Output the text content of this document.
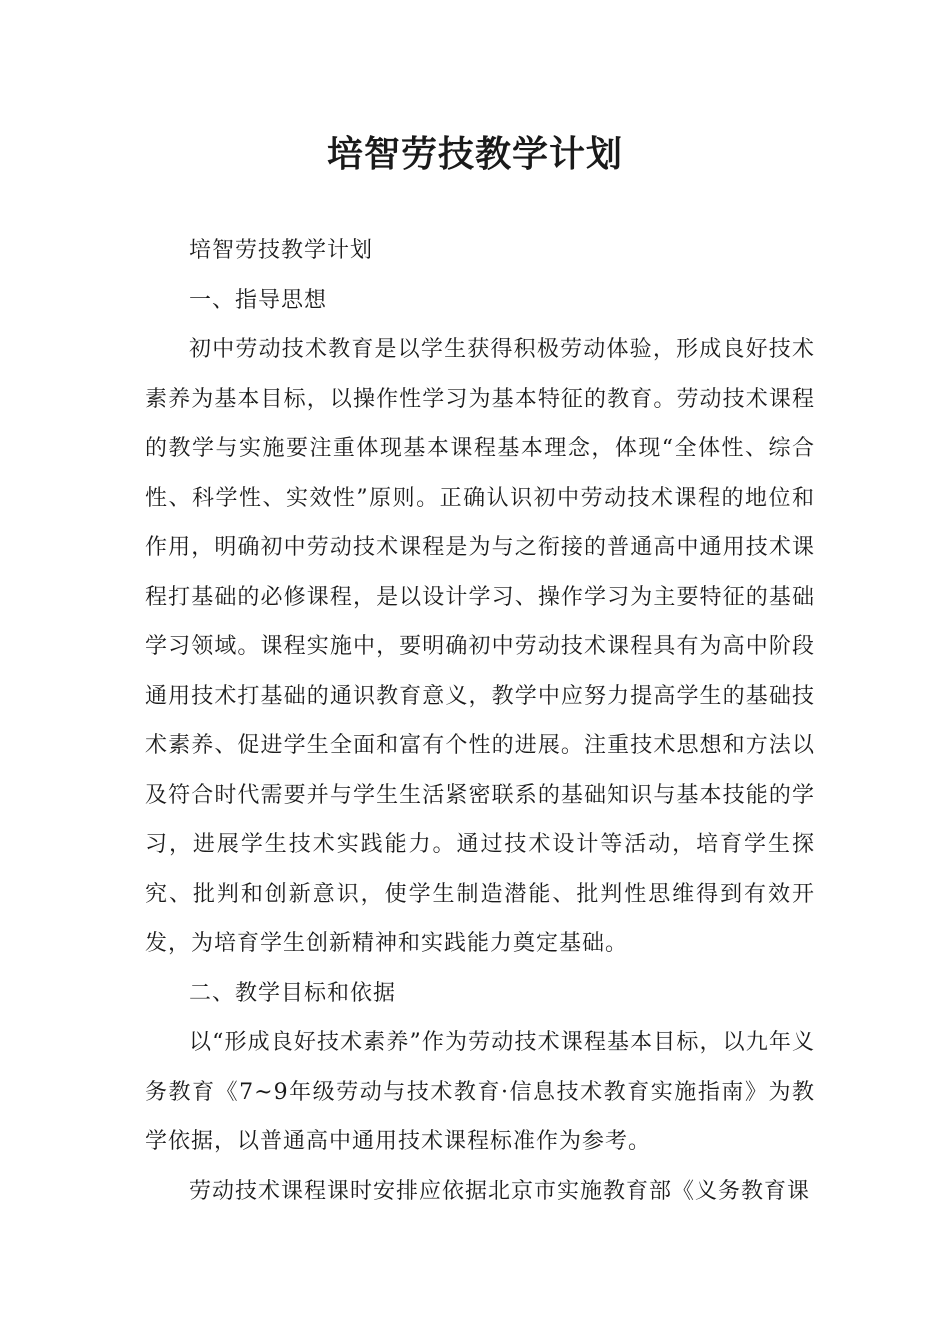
培智劳技教学计划

培智劳技教学计划

一、指导思想

初中劳动技术教育是以学生获得积极劳动体验，形成良好技术素养为基本目标，以操作性学习为基本特征的教育。劳动技术课程的教学与实施要注重体现基本课程基本理念，体现“全体性、综合性、科学性、实效性”原则。正确认识初中劳动技术课程的地位和作用，明确初中劳动技术课程是为与之衔接的普通高中通用技术课程打基础的必修课程，是以设计学习、操作学习为主要特征的基础学习领域。课程实施中，要明确初中劳动技术课程具有为高中阶段通用技术打基础的通识教育意义，教学中应努力提高学生的基础技术素养、促进学生全面和富有个性的进展。注重技术思想和方法以及符合时代需要并与学生生活紧密联系的基础知识与基本技能的学习，进展学生技术实践能力。通过技术设计等活动，培育学生探究、批判和创新意识，使学生制造潜能、批判性思维得到有效开发，为培育学生创新精神和实践能力奠定基础。

二、教学目标和依据

以“形成良好技术素养”作为劳动技术课程基本目标，以九年义务教育《7~9年级劳动与技术教育·信息技术教育实施指南》为教学依据，以普通高中通用技术课程标准作为参考。

劳动技术课程课时安排应依据北京市实施教育部《义务教育课
